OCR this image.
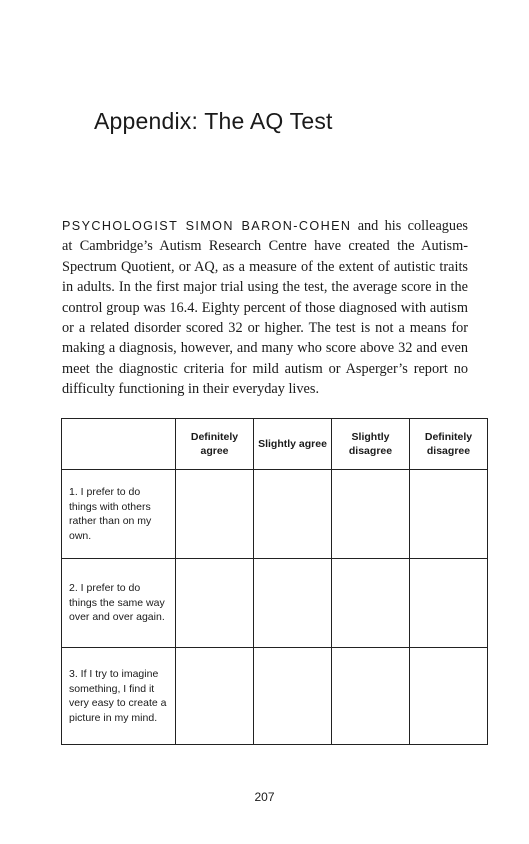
Appendix: The AQ Test

PSYCHOLOGIST SIMON BARON-COHEN and his colleagues at Cambridge’s Autism Research Centre have created the Autism-Spectrum Quotient, or AQ, as a measure of the extent of autistic traits in adults. In the first major trial using the test, the average score in the control group was 16.4. Eighty percent of those diagnosed with autism or a related disorder scored 32 or higher. The test is not a means for making a diagnosis, however, and many who score above 32 and even meet the diagnostic criteria for mild autism or Asperger’s report no difficulty functioning in their everyday lives.

	Definitely agree	Slightly agree	Slightly disagree	Definitely disagree
1. I prefer to do things with others rather than on my own.				
2. I prefer to do things the same way over and over again.				
3. If I try to imagine something, I find it very easy to create a picture in my mind.				
207
